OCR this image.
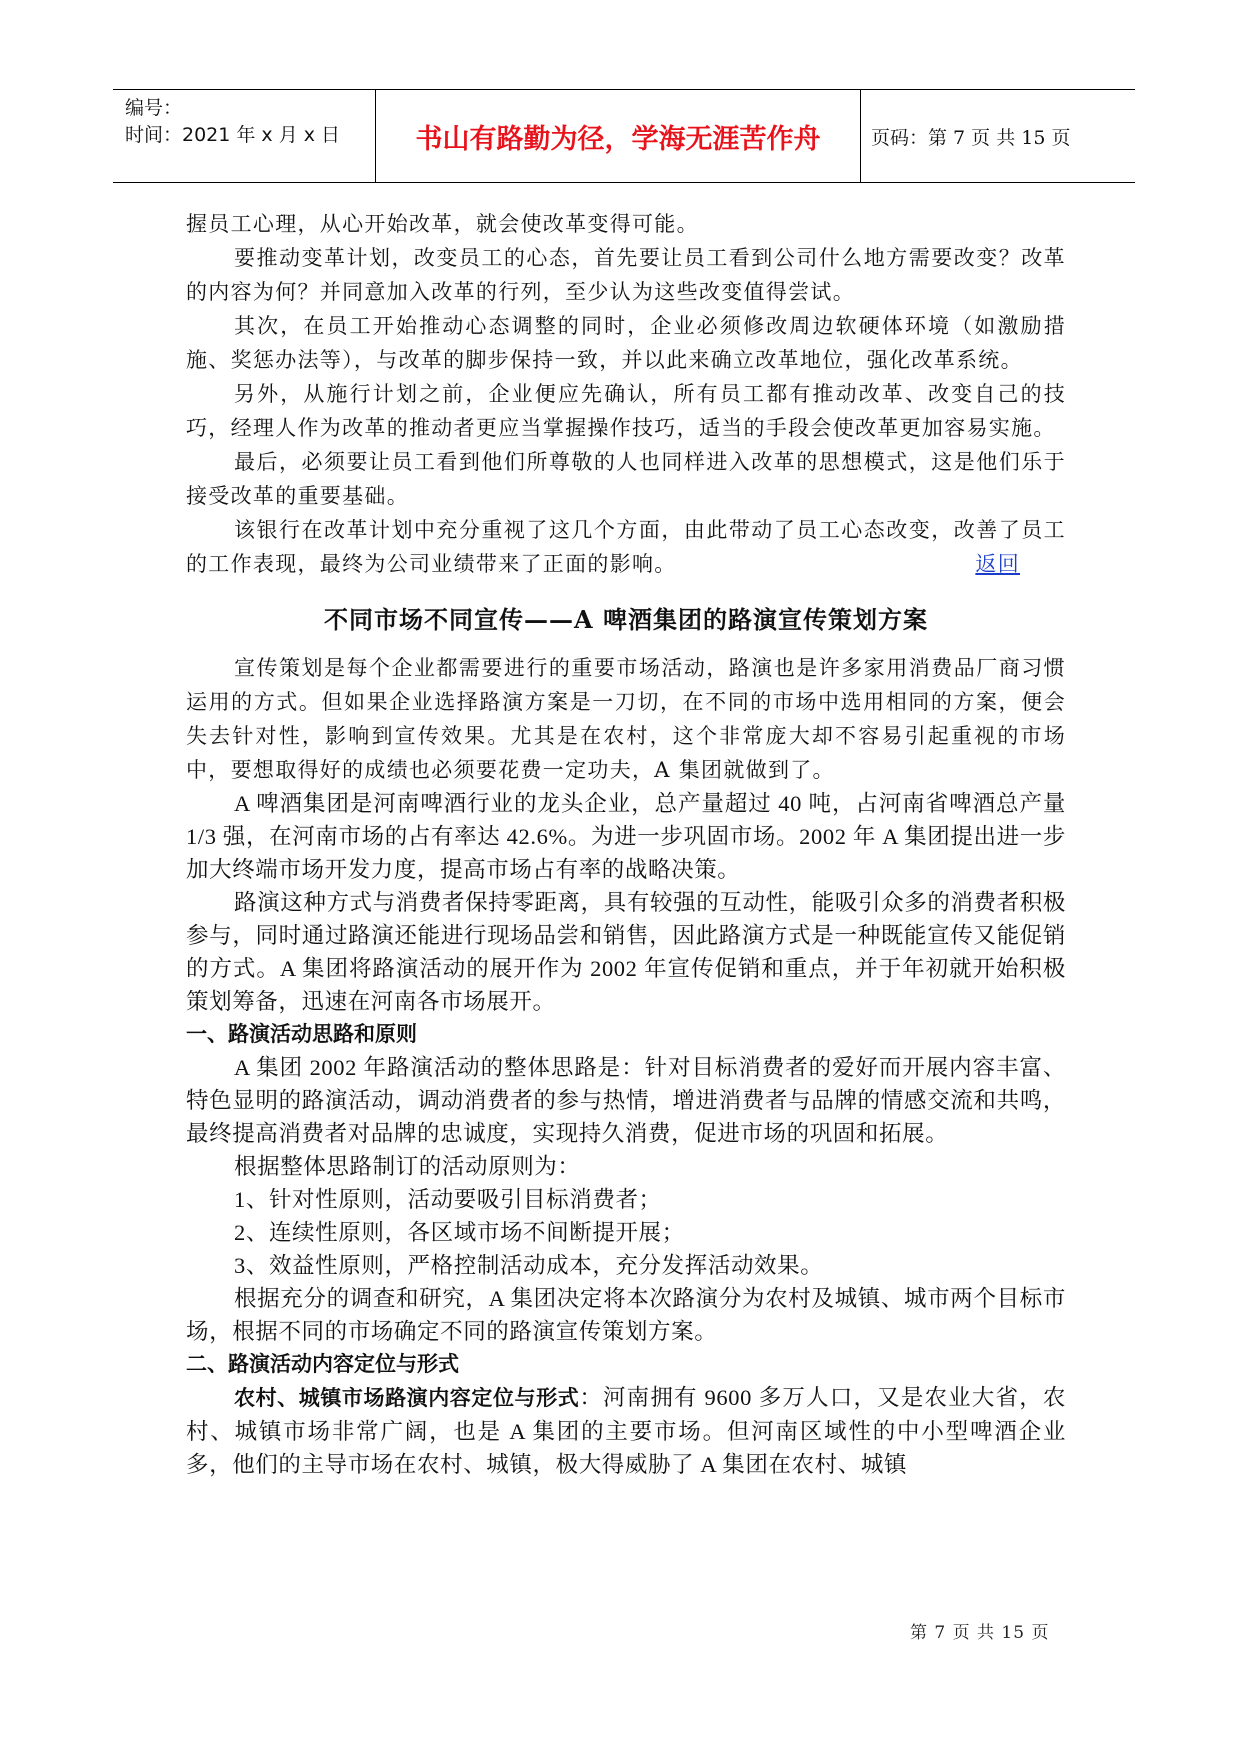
编号：
时间：2021 年 x 月 x 日	书山有路勤为径，学海无涯苦作舟	页码：第 7 页 共 15 页

握员工心理，从心开始改革，就会使改革变得可能。

要推动变革计划，改变员工的心态，首先要让员工看到公司什么地方需要改变？改革的内容为何？并同意加入改革的行列，至少认为这些改变值得尝试。

其次，在员工开始推动心态调整的同时，企业必须修改周边软硬体环境（如激励措施、奖惩办法等），与改革的脚步保持一致，并以此来确立改革地位，强化改革系统。

另外，从施行计划之前，企业便应先确认，所有员工都有推动改革、改变自己的技巧，经理人作为改革的推动者更应当掌握操作技巧，适当的手段会使改革更加容易实施。

最后，必须要让员工看到他们所尊敬的人也同样进入改革的思想模式，这是他们乐于接受改革的重要基础。

该银行在改革计划中充分重视了这几个方面，由此带动了员工心态改变，改善了员工的工作表现，最终为公司业绩带来了正面的影响。	返回

不同市场不同宣传——A 啤酒集团的路演宣传策划方案

宣传策划是每个企业都需要进行的重要市场活动，路演也是许多家用消费品厂商习惯运用的方式。但如果企业选择路演方案是一刀切，在不同的市场中选用相同的方案，便会失去针对性，影响到宣传效果。尤其是在农村，这个非常庞大却不容易引起重视的市场中，要想取得好的成绩也必须要花费一定功夫，A 集团就做到了。

A 啤酒集团是河南啤酒行业的龙头企业，总产量超过 40 吨，占河南省啤酒总产量 1/3 强，在河南市场的占有率达 42.6%。为进一步巩固市场。2002 年 A 集团提出进一步加大终端市场开发力度，提高市场占有率的战略决策。

路演这种方式与消费者保持零距离，具有较强的互动性，能吸引众多的消费者积极参与，同时通过路演还能进行现场品尝和销售，因此路演方式是一种既能宣传又能促销的方式。A 集团将路演活动的展开作为 2002 年宣传促销和重点，并于年初就开始积极策划筹备，迅速在河南各市场展开。

一、路演活动思路和原则

A 集团 2002 年路演活动的整体思路是：针对目标消费者的爱好而开展内容丰富、特色显明的路演活动，调动消费者的参与热情，增进消费者与品牌的情感交流和共鸣，最终提高消费者对品牌的忠诚度，实现持久消费，促进市场的巩固和拓展。

根据整体思路制订的活动原则为：

1、针对性原则，活动要吸引目标消费者；

2、连续性原则，各区域市场不间断提开展；

3、效益性原则，严格控制活动成本，充分发挥活动效果。

根据充分的调查和研究，A 集团决定将本次路演分为农村及城镇、城市两个目标市场，根据不同的市场确定不同的路演宣传策划方案。

二、路演活动内容定位与形式

农村、城镇市场路演内容定位与形式：河南拥有 9600 多万人口，又是农业大省，农村、城镇市场非常广阔，也是 A 集团的主要市场。但河南区域性的中小型啤酒企业多，他们的主导市场在农村、城镇，极大得威胁了 A 集团在农村、城镇

第 7 页 共 15 页
